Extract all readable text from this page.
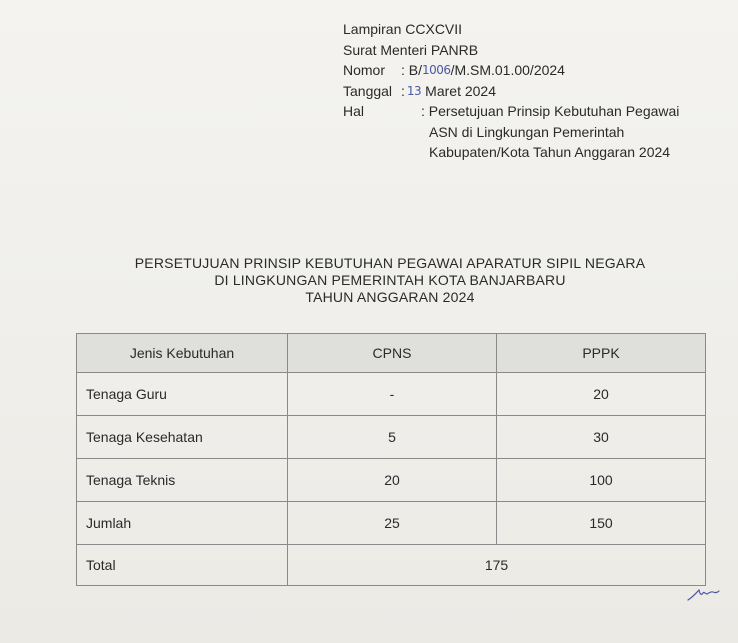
Lampiran CCXCVII
Surat Menteri PANRB
Nomor	: B/ 1006 /M.SM.01.00/2024
Tanggal : 13 Maret 2024
Hal	: Persetujuan Prinsip Kebutuhan Pegawai
ASN di Lingkungan Pemerintah
Kabupaten/Kota Tahun Anggaran 2024
PERSETUJUAN PRINSIP KEBUTUHAN PEGAWAI APARATUR SIPIL NEGARA
DI LINGKUNGAN PEMERINTAH KOTA BANJARBARU
TAHUN ANGGARAN 2024
Jenis Kebutuhan	CPNS	PPPK
Tenaga Guru	-	20
Tenaga Kesehatan	5	30
Tenaga Teknis	20	100
Jumlah	25	150
Total	175	
